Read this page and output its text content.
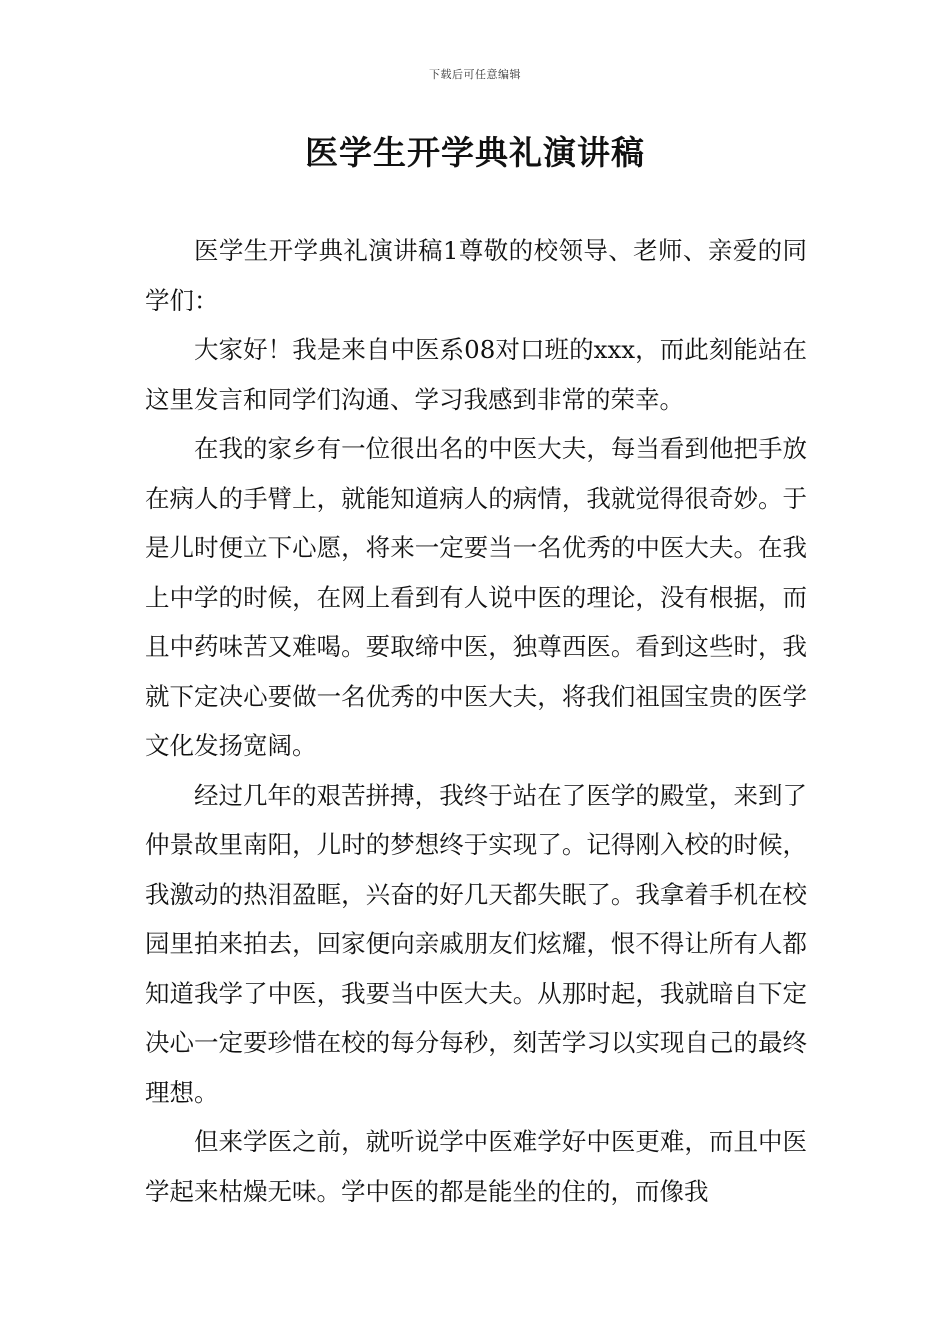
下载后可任意编辑
医学生开学典礼演讲稿

医学生开学典礼演讲稿1尊敬的校领导、老师、亲爱的同学们：

大家好！我是来自中医系08对口班的xxx，而此刻能站在这里发言和同学们沟通、学习我感到非常的荣幸。

在我的家乡有一位很出名的中医大夫，每当看到他把手放在病人的手臂上，就能知道病人的病情，我就觉得很奇妙。于是儿时便立下心愿，将来一定要当一名优秀的中医大夫。在我上中学的时候，在网上看到有人说中医的理论，没有根据，而且中药味苦又难喝。要取缔中医，独尊西医。看到这些时，我就下定决心要做一名优秀的中医大夫，将我们祖国宝贵的医学文化发扬宽阔。

经过几年的艰苦拼搏，我终于站在了医学的殿堂，来到了仲景故里南阳，儿时的梦想终于实现了。记得刚入校的时候，我激动的热泪盈眶，兴奋的好几天都失眠了。我拿着手机在校园里拍来拍去，回家便向亲戚朋友们炫耀，恨不得让所有人都知道我学了中医，我要当中医大夫。从那时起，我就暗自下定决心一定要珍惜在校的每分每秒，刻苦学习以实现自己的最终理想。

但来学医之前，就听说学中医难学好中医更难，而且中医学起来枯燥无味。学中医的都是能坐的住的，而像我
